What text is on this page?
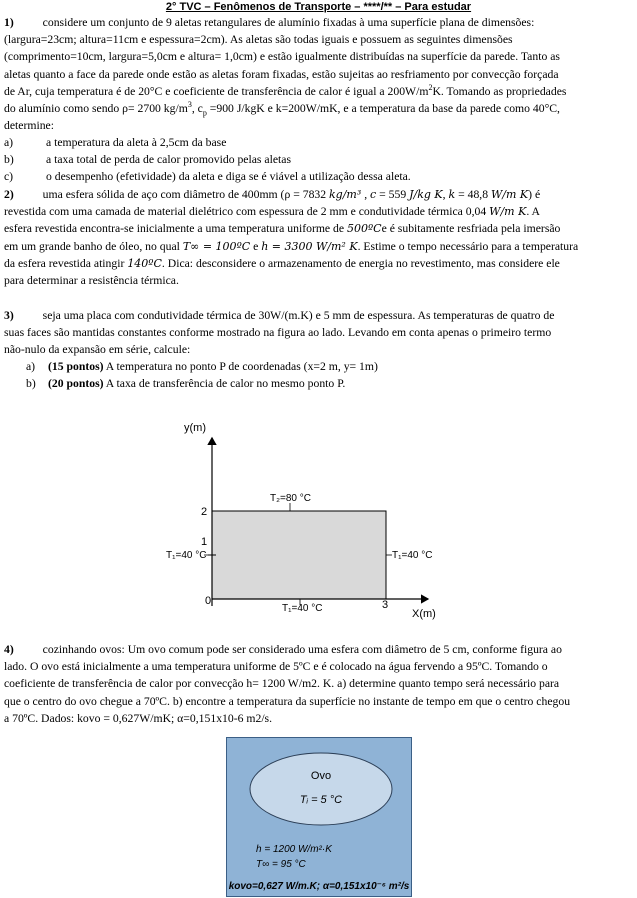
2° TVC – Fenômenos de Transporte – ****/** – Para estudar
1) considere um conjunto de 9 aletas retangulares de alumínio fixadas à uma superfície plana de dimensões:
(largura=23cm; altura=11cm e espessura=2cm). As aletas são todas iguais e possuem as seguintes dimensões
(comprimento=10cm, largura=5,0cm e altura= 1,0cm) e estão igualmente distribuídas na superfície da parede. Tanto as
aletas quanto a face da parede onde estão as aletas foram fixadas, estão sujeitas ao resfriamento por convecção forçada
de Ar, cuja temperatura é de 20°C e coeficiente de transferência de calor é igual a $200W/m^2K$. Tomando as propriedades
do alumínio como sendo ρ= 2700 $kg/m^3$, $c_p =900$ J/kgK e k=200W/mK, e a temperatura da base da parede como 40°C,
determine:
a)	a temperatura da aleta à 2,5cm da base
b)	a taxa total de perda de calor promovido pelas aletas
c)	o desempenho (efetividade) da aleta e diga se é viável a utilização dessa aleta.
2) uma esfera sólida de aço com diâmetro de 400mm (ρ = 7832 kg/m³ , c = 559 J/kg K, k = 48,8 W/m K) é
revestida com uma camada de material dielétrico com espessura de 2 mm e condutividade térmica 0,04 W/m K. A
esfera revestida encontra-se inicialmente a uma temperatura uniforme de 500ºCe é subitamente resfriada pela imersão
em um grande banho de óleo, no qual T∞ = 100ºC e h = 3300 W/m² K. Estime o tempo necessário para a temperatura
da esfera revestida atingir 140ºC. Dica: desconsidere o armazenamento de energia no revestimento, mas considere ele
para determinar a resistência térmica.
3) seja uma placa com condutividade térmica de 30W/(m.K) e 5 mm de espessura. As temperaturas de quatro de
suas faces são mantidas constantes conforme mostrado na figura ao lado. Levando em conta apenas o primeiro termo
não-nulo da expansão em série, calcule:
a) (15 pontos) A temperatura no ponto P de coordenadas (x=2 m, y= 1m)
b) (20 pontos) A taxa de transferência de calor no mesmo ponto P.
y(m)
X(m)
2
1
0	3
T₂=80 °C
T₁=40 °C	T₁=40 °C
T₁=40 °C
4) cozinhando ovos: Um ovo comum pode ser considerado uma esfera com diâmetro de 5 cm, conforme figura ao
lado. O ovo está inicialmente a uma temperatura uniforme de 5ºC e é colocado na água fervendo a 95ºC. Tomando o
coeficiente de transferência de calor por convecção h= 1200 W/m2. K. a) determine quanto tempo será necessário para
que o centro do ovo chegue a 70ºC. b) encontre a temperatura da superfície no instante de tempo em que o centro chegou
a 70ºC. Dados: kovo = 0,627W/mK; α=0,151x10-6 m2/s.
Ovo
Tᵢ = 5 °C
h = 1200 W/m²·K
T∞ = 95 °C
kovo=0,627 W/m.K; α=0,151x10⁻⁶ m²/s
